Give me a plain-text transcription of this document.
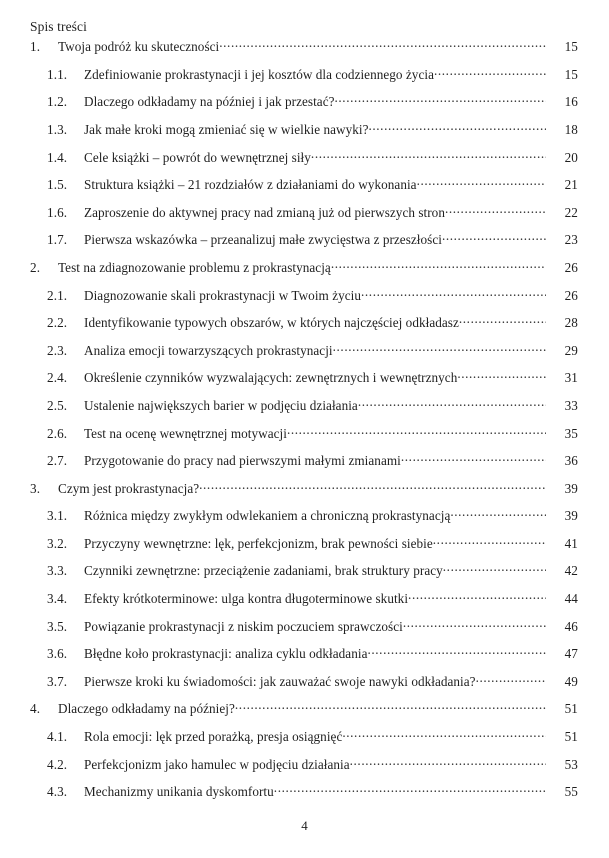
Spis treści
1.	Twoja podróż ku skuteczności .....	15
1.1.	Zdefiniowanie prokrastynacji i jej kosztów dla codziennego życia .....	15
1.2.	Dlaczego odkładamy na później i jak przestać? .....	16
1.3.	Jak małe kroki mogą zmieniać się w wielkie nawyki? .....	18
1.4.	Cele książki – powrót do wewnętrznej siły .....	20
1.5.	Struktura książki – 21 rozdziałów z działaniami do wykonania .....	21
1.6.	Zaproszenie do aktywnej pracy nad zmianą już od pierwszych stron .....	22
1.7.	Pierwsza wskazówka – przeanalizuj małe zwycięstwa z przeszłości .....	23
2.	Test na zdiagnozowanie problemu z prokrastynacją .....	26
2.1.	Diagnozowanie skali prokrastynacji w Twoim życiu .....	26
2.2.	Identyfikowanie typowych obszarów, w których najczęściej odkładasz .....	28
2.3.	Analiza emocji towarzyszących prokrastynacji .....	29
2.4.	Określenie czynników wyzwalających: zewnętrznych i wewnętrznych .....	31
2.5.	Ustalenie największych barier w podjęciu działania .....	33
2.6.	Test na ocenę wewnętrznej motywacji .....	35
2.7.	Przygotowanie do pracy nad pierwszymi małymi zmianami .....	36
3.	Czym jest prokrastynacja? .....	39
3.1.	Różnica między zwykłym odwlekaniem a chroniczną prokrastynacją .....	39
3.2.	Przyczyny wewnętrzne: lęk, perfekcjonizm, brak pewności siebie .....	41
3.3.	Czynniki zewnętrzne: przeciążenie zadaniami, brak struktury pracy .....	42
3.4.	Efekty krótkoterminowe: ulga kontra długoterminowe skutki .....	44
3.5.	Powiązanie prokrastynacji z niskim poczuciem sprawczości .....	46
3.6.	Błędne koło prokrastynacji: analiza cyklu odkładania .....	47
3.7.	Pierwsze kroki ku świadomości: jak zauważać swoje nawyki odkładania? .....	49
4.	Dlaczego odkładamy na później? .....	51
4.1.	Rola emocji: lęk przed porażką, presja osiągnięć .....	51
4.2.	Perfekcjonizm jako hamulec w podjęciu działania .....	53
4.3.	Mechanizmy unikania dyskomfortu .....	55
4
